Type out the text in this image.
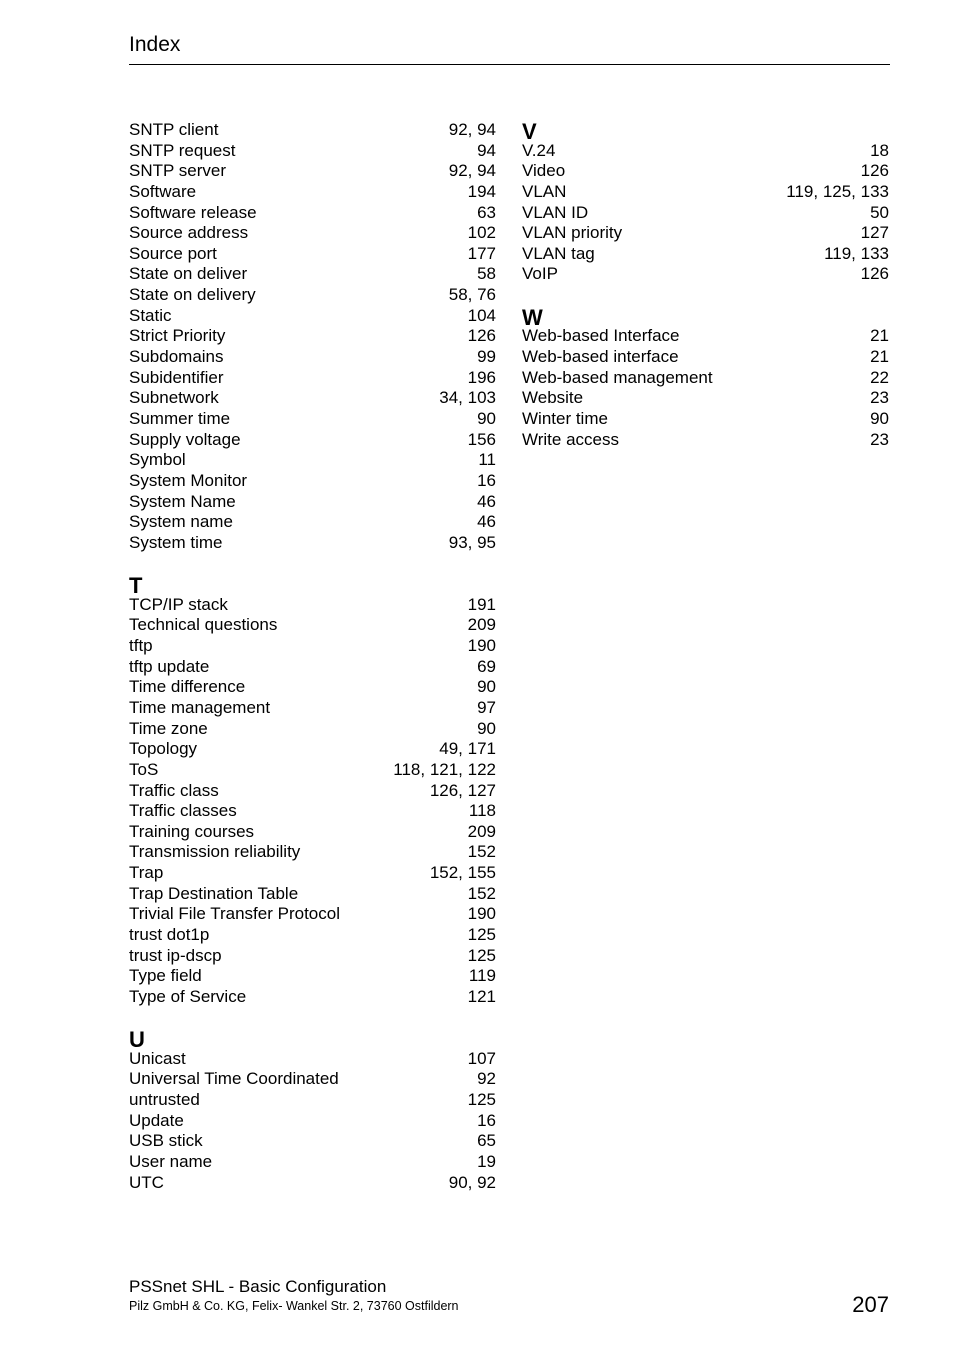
Index
SNTP client	92, 94
SNTP request	94
SNTP server	92, 94
Software	194
Software release	63
Source address	102
Source port	177
State on deliver	58
State on delivery	58, 76
Static	104
Strict Priority	126
Subdomains	99
Subidentifier	196
Subnetwork	34, 103
Summer time	90
Supply voltage	156
Symbol	11
System Monitor	16
System Name	46
System name	46
System time	93, 95
T
TCP/IP stack	191
Technical questions	209
tftp	190
tftp update	69
Time difference	90
Time management	97
Time zone	90
Topology	49, 171
ToS	118, 121, 122
Traffic class	126, 127
Traffic classes	118
Training courses	209
Transmission reliability	152
Trap	152, 155
Trap Destination Table	152
Trivial File Transfer Protocol	190
trust dot1p	125
trust ip-dscp	125
Type field	119
Type of Service	121
U
Unicast	107
Universal Time Coordinated	92
untrusted	125
Update	16
USB stick	65
User name	19
UTC	90, 92
V
V.24	18
Video	126
VLAN	119, 125, 133
VLAN ID	50
VLAN priority	127
VLAN tag	119, 133
VoIP	126
W
Web-based Interface	21
Web-based interface	21
Web-based management	22
Website	23
Winter time	90
Write access	23
PSSnet SHL - Basic Configuration
Pilz GmbH & Co. KG, Felix- Wankel Str. 2, 73760 Ostfildern	207
